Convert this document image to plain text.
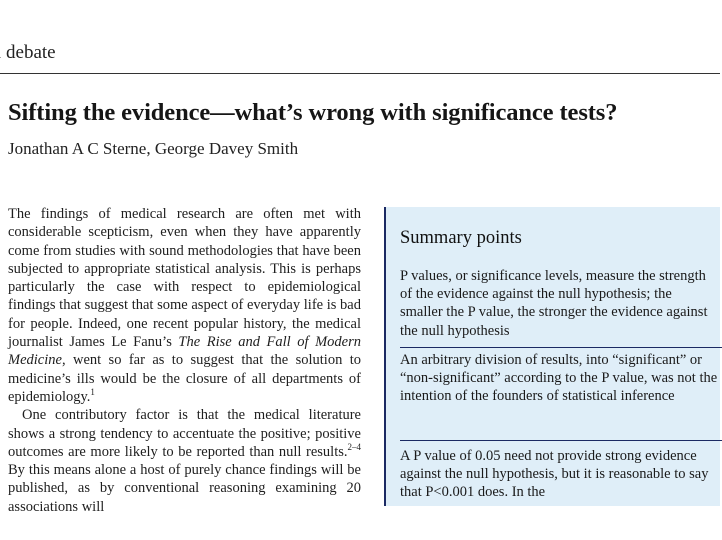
debate
Sifting the evidence—what’s wrong with significance tests?
Jonathan A C Sterne, George Davey Smith

The findings of medical research are often met with considerable scepticism, even when they have apparently come from studies with sound methodologies that have been subjected to appropriate statistical analysis. This is perhaps particularly the case with respect to epidemiological findings that suggest that some aspect of everyday life is bad for people. Indeed, one recent popular history, the medical journalist James Le Fanu’s The Rise and Fall of Modern Medicine, went so far as to suggest that the solution to medicine’s ills would be the closure of all departments of epidemiology.$^1$

One contributory factor is that the medical literature shows a strong tendency to accentuate the positive; positive outcomes are more likely to be reported than null results.$^{2-4}$ By this means alone a host of purely chance findings will be published, as by conventional reasoning examining 20 associations will

Summary points
P values, or significance levels, measure the strength of the evidence against the null hypothesis; the smaller the P value, the stronger the evidence against the null hypothesis
An arbitrary division of results, into “significant” or “non-significant” according to the P value, was not the intention of the founders of statistical inference
A P value of 0.05 need not provide strong evidence against the null hypothesis, but it is reasonable to say that P<0.001 does. In the
